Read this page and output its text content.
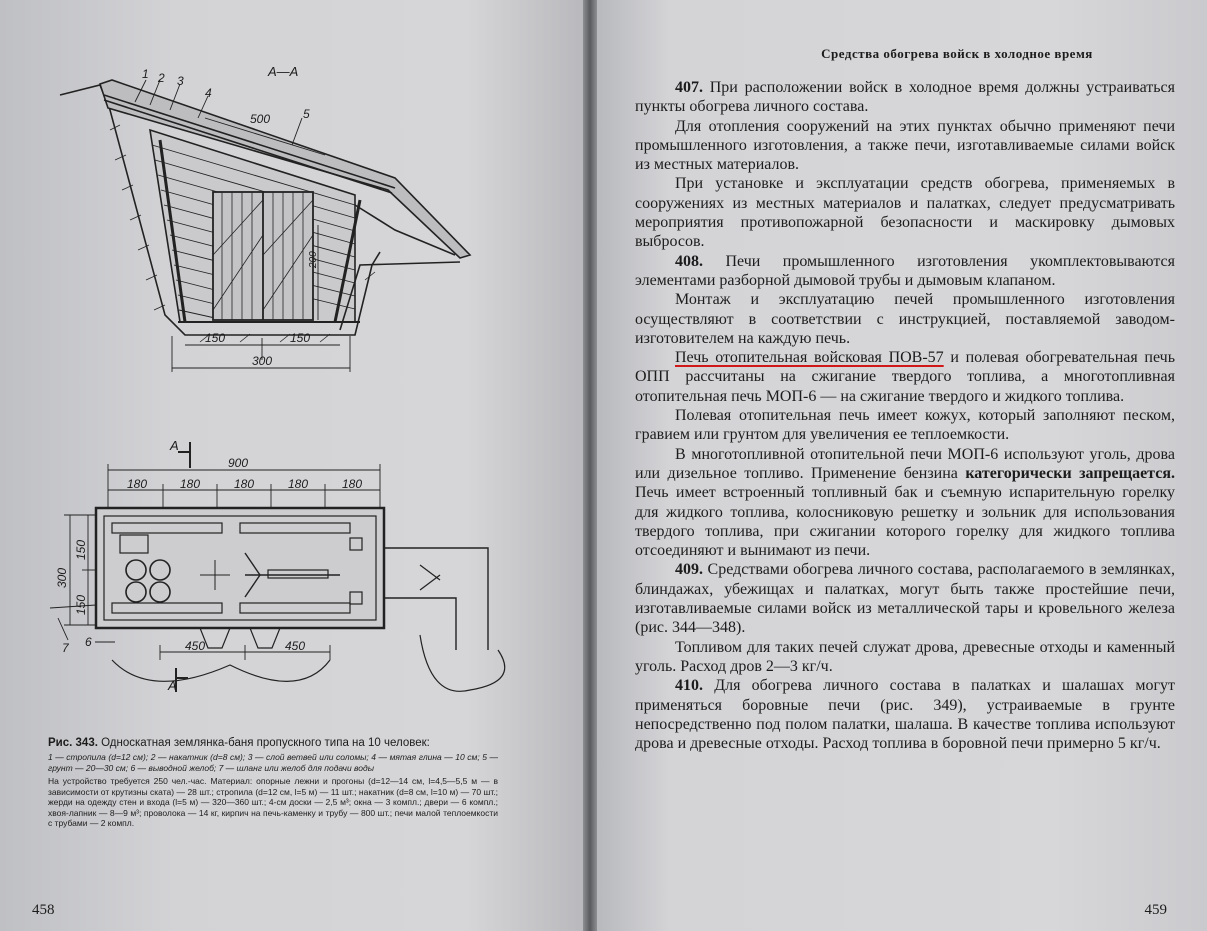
А—А
1 2 3
4
5
500
200
150	150
300
А
А
900
180	180	180	180	180
300
150
150
450	450
6
7
Рис. 343. Односкатная землянка-баня пропускного типа на 10 человек:
1 — стропила (d=12 см); 2 — накатник (d=8 см); 3 — слой ветвей или соломы; 4 — мятая глина — 10 см; 5 — грунт — 20—30 см; 6 — выводной желоб; 7 — шланг или желоб для подачи воды
На устройство требуется 250 чел.-час. Материал: опорные лежни и прогоны (d=12—14 см, l=4,5—5,5 м — в зависимости от крутизны ската) — 28 шт.; стропила (d=12 см, l=5 м) — 11 шт.; накатник (d=8 см, l=10 м) — 70 шт.; жерди на одежду стен и входа (l=5 м) — 320—360 шт.; 4-см доски — 2,5 м³; окна — 3 компл.; двери — 6 компл.; хвоя-лапник — 8—9 м³; проволока — 14 кг, кирпич на печь-каменку и трубу — 800 шт.; печи малой теплоемкости с трубами — 2 компл.
458
Средства обогрева войск в холодное время

407. При расположении войск в холодное время должны устраиваться пункты обогрева личного состава.

Для отопления сооружений на этих пунктах обычно применяют печи промышленного изготовления, а также печи, изготавливаемые силами войск из местных материалов.

При установке и эксплуатации средств обогрева, применяемых в сооружениях из местных материалов и палатках, следует предусматривать мероприятия противопожарной безопасности и маскировку дымовых выбросов.

408. Печи промышленного изготовления укомплектовываются элементами разборной дымовой трубы и дымовым клапаном.

Монтаж и эксплуатацию печей промышленного изготовления осуществляют в соответствии с инструкцией, поставляемой заводом-изготовителем на каждую печь.

Печь отопительная войсковая ПОВ-57 и полевая обогревательная печь ОПП рассчитаны на сжигание твердого топлива, а многотопливная отопительная печь МОП-6 — на сжигание твердого и жидкого топлива.

Полевая отопительная печь имеет кожух, который заполняют песком, гравием или грунтом для увеличения ее теплоемкости.

В многотопливной отопительной печи МОП-6 используют уголь, дрова или дизельное топливо. Применение бензина категорически запрещается. Печь имеет встроенный топливный бак и съемную испарительную горелку для жидкого топлива, колосниковую решетку и зольник для использования твердого топлива, при сжигании которого горелку для жидкого топлива отсоединяют и вынимают из печи.

409. Средствами обогрева личного состава, располагаемого в землянках, блиндажах, убежищах и палатках, могут быть также простейшие печи, изготавливаемые силами войск из металлической тары и кровельного железа (рис. 344—348).

Топливом для таких печей служат дрова, древесные отходы и каменный уголь. Расход дров 2—3 кг/ч.

410. Для обогрева личного состава в палатках и шалашах могут применяться боровные печи (рис. 349), устраиваемые в грунте непосредственно под полом палатки, шалаша. В качестве топлива используют дрова и древесные отходы. Расход топлива в боровной печи примерно 5 кг/ч.

459
